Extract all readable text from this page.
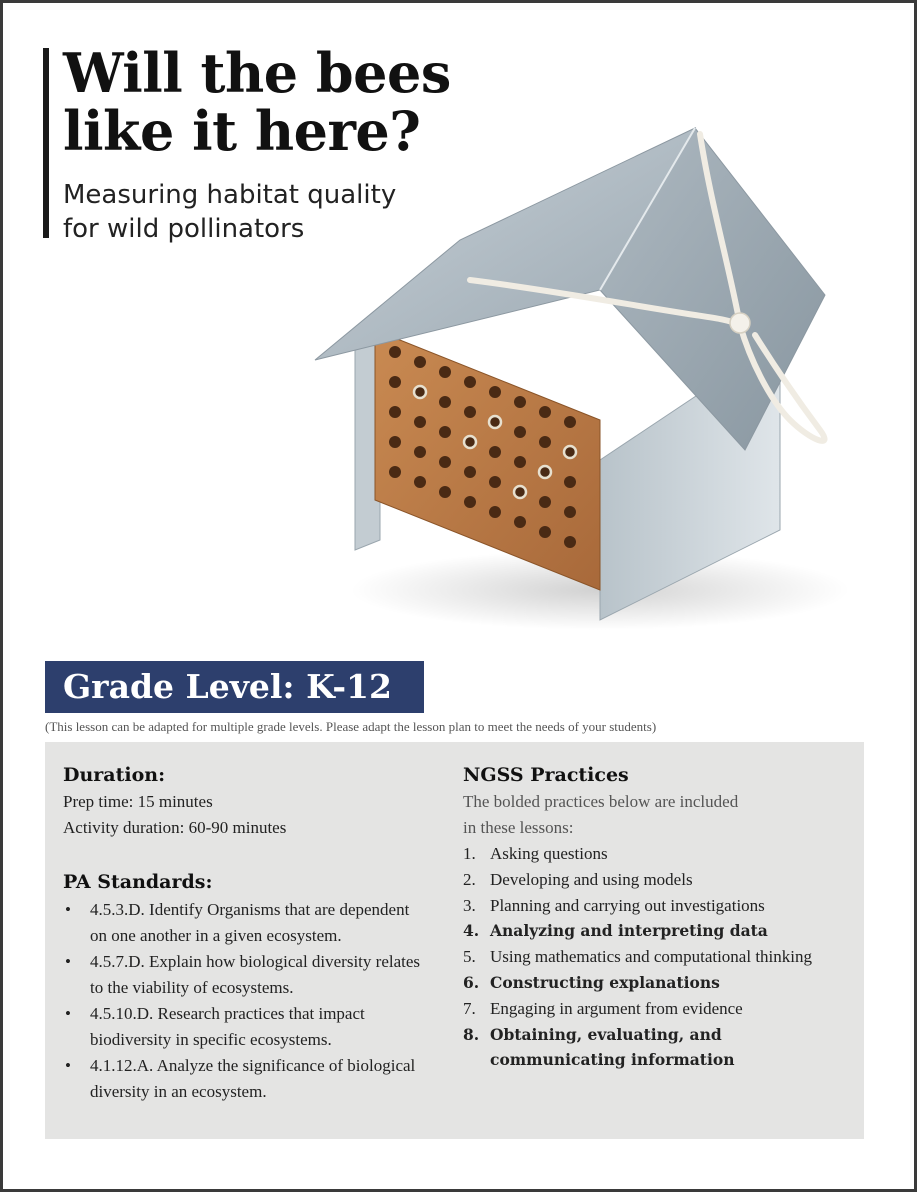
Will the bees
like it here?
Measuring habitat quality
for wild pollinators
Grade Level: K-12
(This lesson can be adapted for multiple grade levels. Please adapt the lesson plan to meet the needs of your students)
Duration:
Prep time: 15 minutes
Activity duration: 60-90 minutes
PA Standards:
• 4.5.3.D. Identify Organisms that are dependent on one another in a given ecosystem.
• 4.5.7.D. Explain how biological diversity relates to the viability of ecosystems.
• 4.5.10.D. Research practices that impact biodiversity in specific ecosystems.
• 4.1.12.A. Analyze the significance of biological diversity in an ecosystem.
NGSS Practices
The bolded practices below are included
in these lessons:
1. Asking questions
2. Developing and using models
3. Planning and carrying out investigations
4. Analyzing and interpreting data
5. Using mathematics and computational thinking
6. Constructing explanations
7. Engaging in argument from evidence
8. Obtaining, evaluating, and communicating information
